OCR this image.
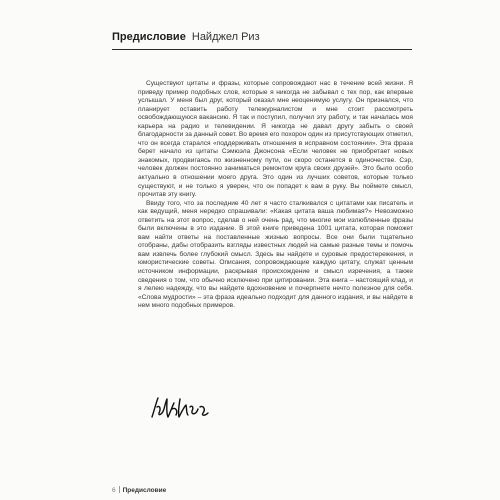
Предисловие Найджел Риз

Существуют цитаты и фразы, которые сопровождают нас в течение всей жизни. Я приведу пример подобных слов, которые я никогда не забывал с тех пор, как впервые услышал. У меня был друг, который оказал мне неоценимую услугу. Он признался, что планирует оставить работу тележурналистом и мне стоит рассмотреть освобождающуюся вакансию. Я так и поступил, получил эту работу, и так началась моя карьера на радио и телевидении. Я никогда не давал другу забыть о своей благодарности за данный совет. Во время его похорон один из присутствующих отметил, что он всегда старался «поддерживать отношения в исправном состоянии». Эта фраза берет начало из цитаты Сэмюэла Джонсона «Если человек не приобретает новых знакомых, продвигаясь по жизненному пути, он скоро останется в одиночестве. Сэр, человек должен постоянно заниматься ремонтом круга своих друзей». Это было особо актуально в отношении моего друга. Это один из лучших советов, которые только существуют, и не только я уверен, что он попадет к вам в руку. Вы поймете смысл, прочитав эту книгу.

Ввиду того, что за последние 40 лет я часто сталкивался с цитатами как писатель и как ведущий, меня нередко спрашивали: «Какая цитата ваша любимая?» Невозможно ответить на этот вопрос, сделав о ней очень рад, что многие мои излюбленные фразы были включены в это издание. В этой книге приведена 1001 цитата, которая поможет вам найти ответы на поставленные жизнью вопросы. Все они были тщательно отобраны, дабы отобразить взгляды известных людей на самые разные темы и помочь вам извлечь более глубокий смысл. Здесь вы найдете и суровые предостережения, и юмористические советы. Описания, сопровождающие каждую цитату, служат ценным источником информации, раскрывая происхождение и смысл изречения, а также сведения о том, что обычно исключено при цитировании. Эта книга – настоящий клад, и я лелею надежду, что вы найдете вдохновение и почерпнете нечто полезное для себя. «Слова мудрости» – эта фраза идеально подходит для данного издания, и вы найдете в нем много подобных примеров.

6 Предисловие
